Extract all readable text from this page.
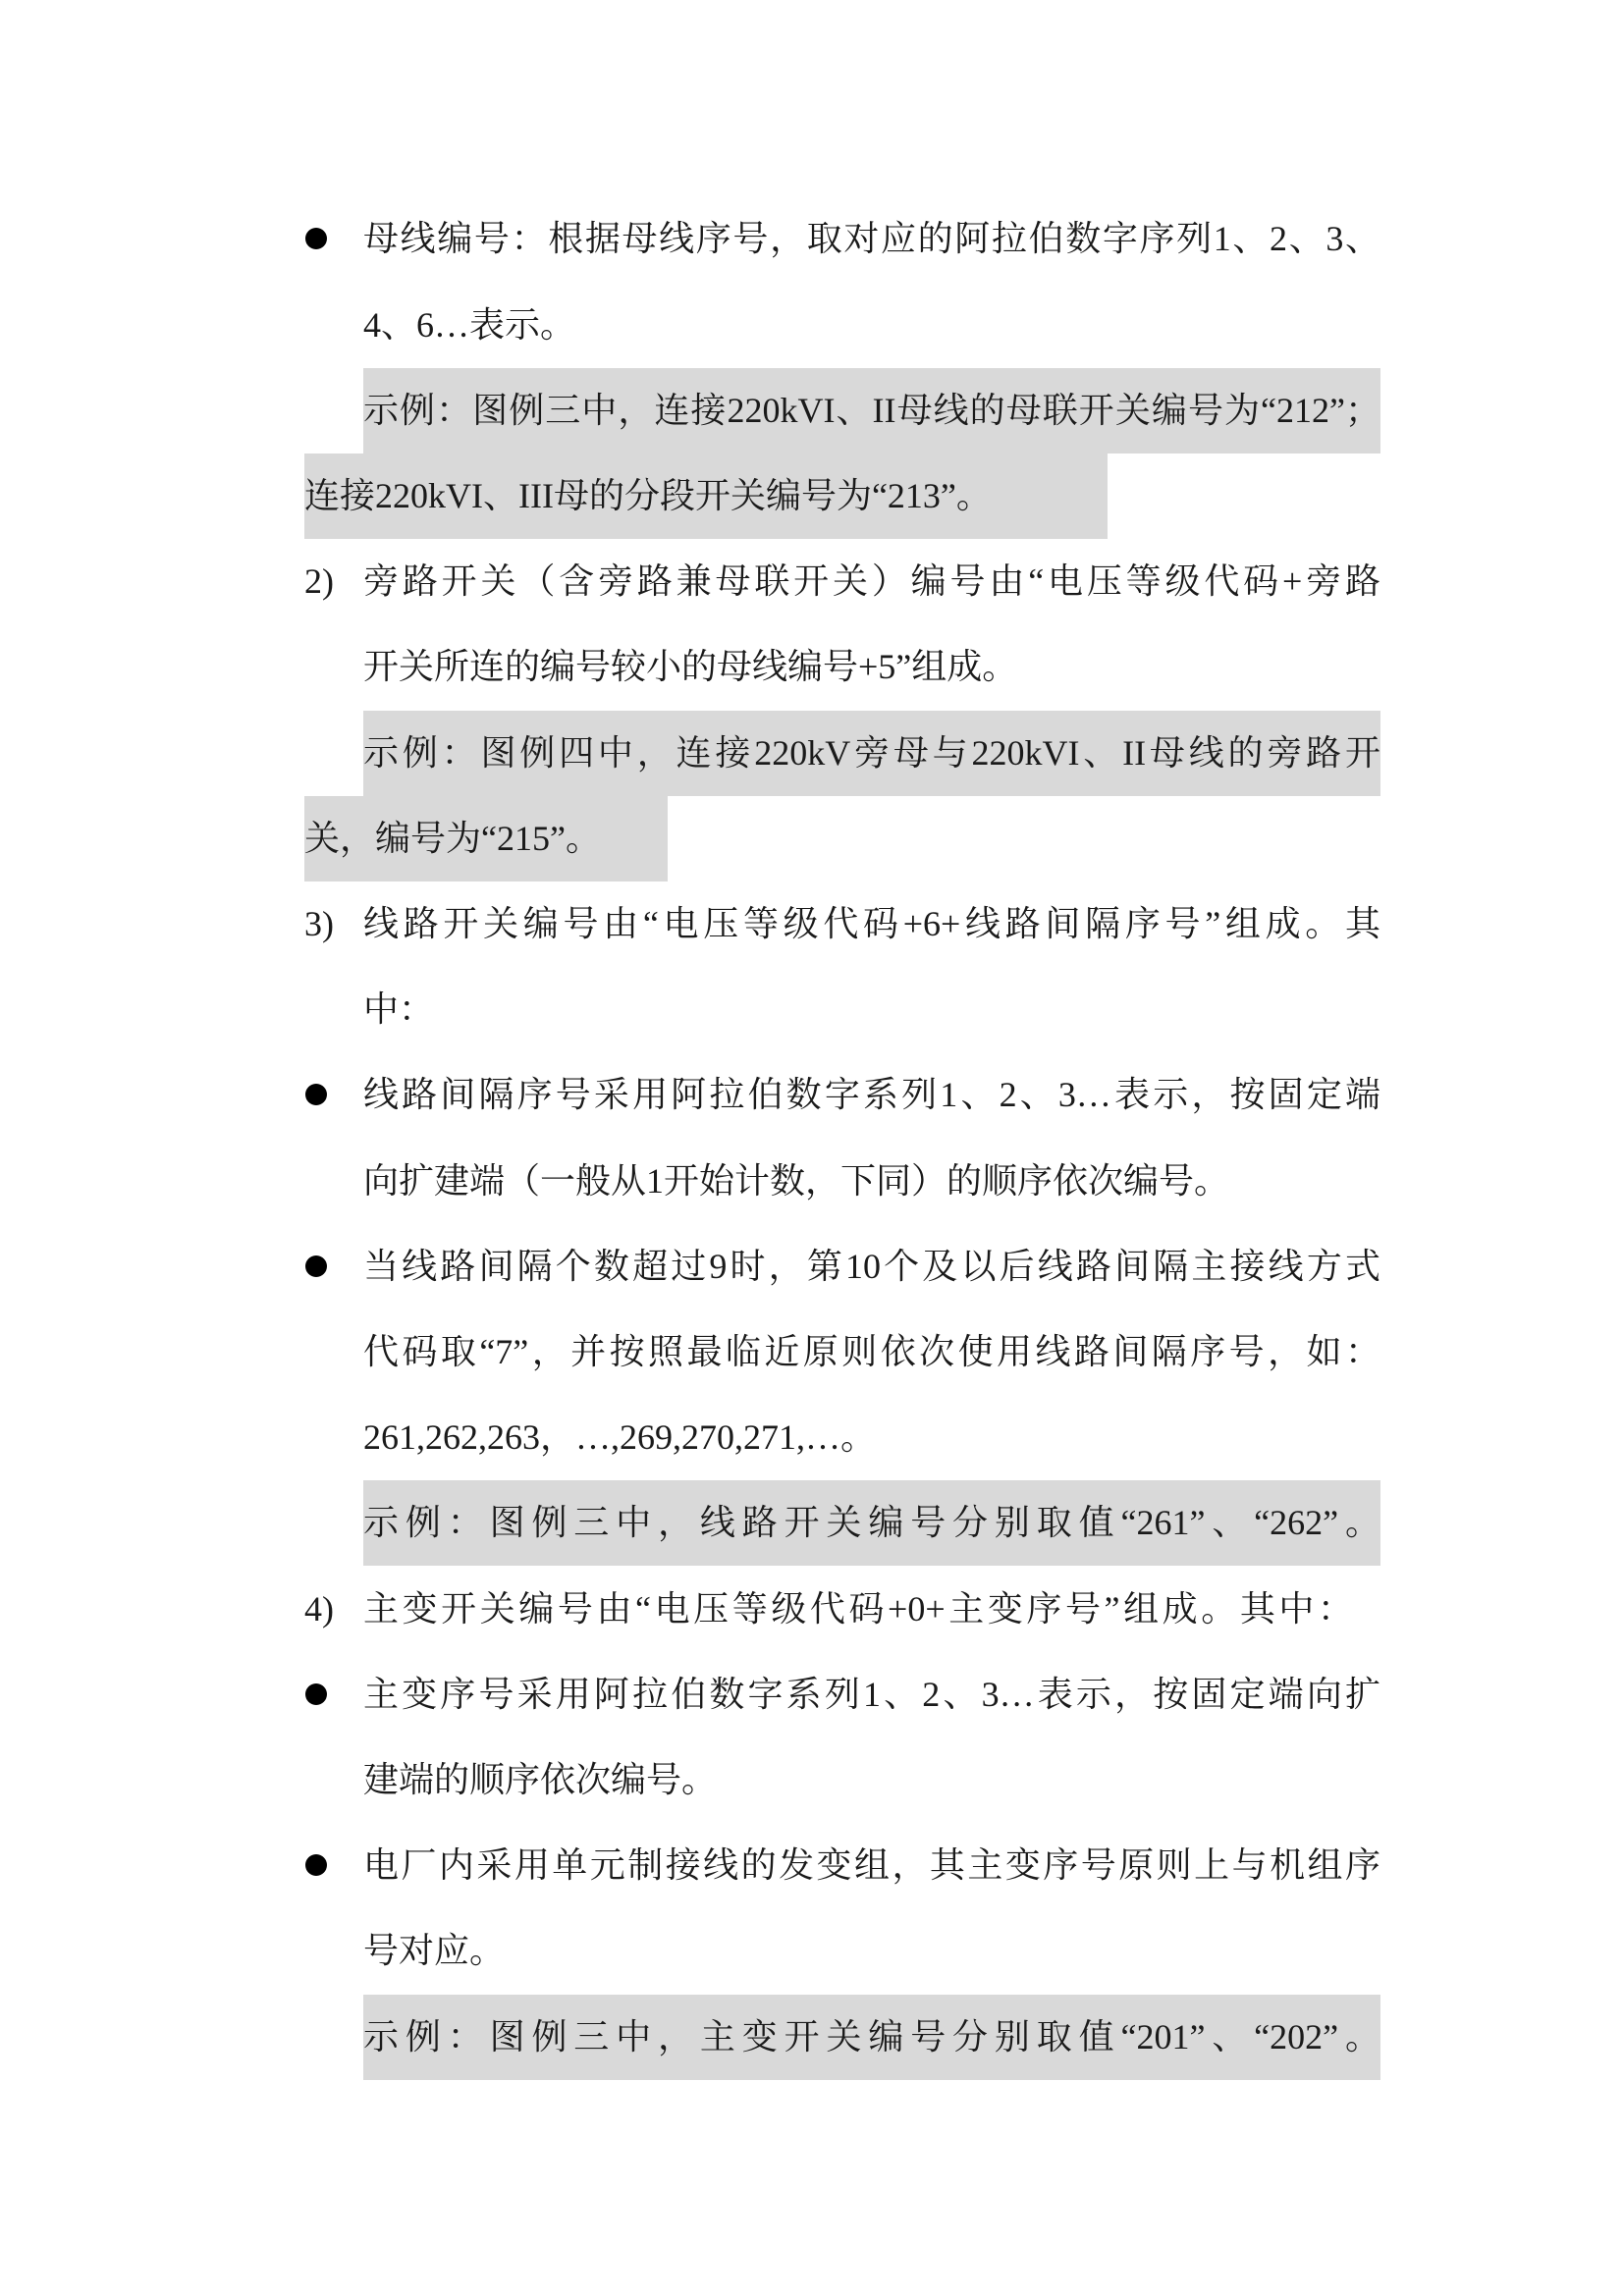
母线编号：根据母线序号，取对应的阿拉伯数字序列1、2、3、
4、6…表示。
示例：图例三中，连接220kVI、II母线的母联开关编号为“212”；
连接220kVI、III母的分段开关编号为“213”。
2) 旁路开关（含旁路兼母联开关）编号由“电压等级代码+旁路
开关所连的编号较小的母线编号+5”组成。
示例：图例四中，连接220kV旁母与220kVI、II母线的旁路开
关，编号为“215”。
3) 线路开关编号由“电压等级代码+6+线路间隔序号”组成。其
中：
线路间隔序号采用阿拉伯数字系列1、2、3…表示，按固定端
向扩建端（一般从1开始计数，下同）的顺序依次编号。
当线路间隔个数超过9时，第10个及以后线路间隔主接线方式
代码取“7”，并按照最临近原则依次使用线路间隔序号，如：
261,262,263，…,269,270,271,…。
示例：图例三中，线路开关编号分别取值“261”、“262”。
4) 主变开关编号由“电压等级代码+0+主变序号”组成。其中：
主变序号采用阿拉伯数字系列1、2、3…表示，按固定端向扩
建端的顺序依次编号。
电厂内采用单元制接线的发变组，其主变序号原则上与机组序
号对应。
示例：图例三中，主变开关编号分别取值“201”、“202”。
